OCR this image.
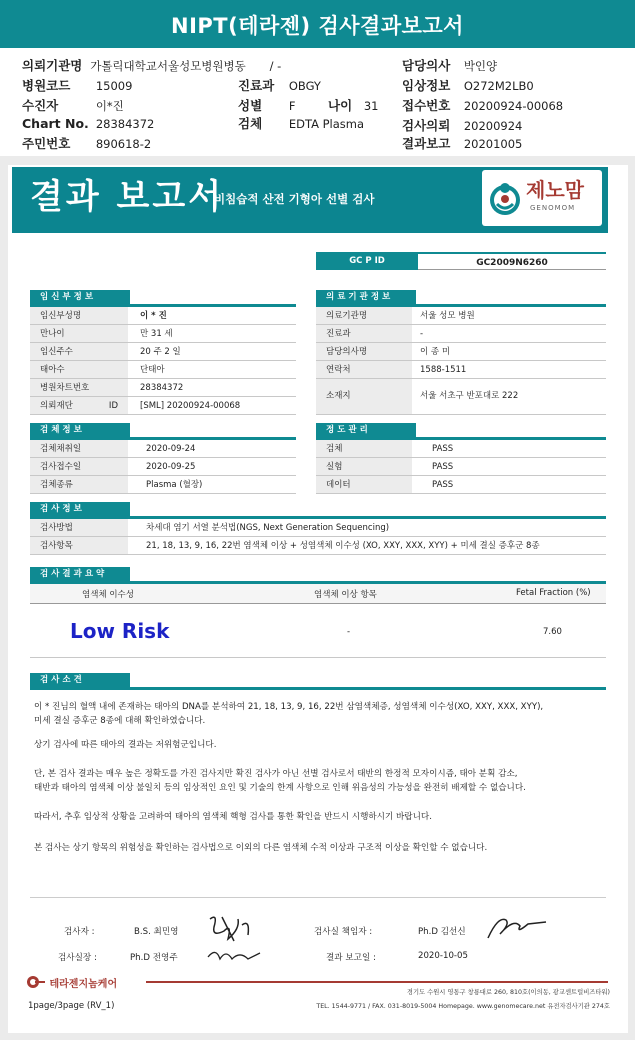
NIPT(테라젠) 검사결과보고서
의뢰기관명 가톨릭대학교서울성모병원병동 / -
병원코드 15009	진료과 OBGY
수진자	이*진	성별 F	나이 31
Chart No. 28384372	검체 EDTA Plasma
주민번호 890618-2
담당의사 박인양
임상정보 O272M2LB0
접수번호 20200924-00068
검사의뢰 20200924
결과보고 20201005
결과 보고서
비침습적 산전 기형아 선별 검사	제노맘
GENOMOM
GC P ID	GC2009N6260
임신부정보
임신부성명	이 * 진
만나이	만 31 세
임신주수	20 주 2 일
태아수	단태아
병원차트번호	28384372
의뢰재단 ID	[SML] 20200924-00068
의료기관정보
의료기관명	서울 성모 병원
진료과	-
담당의사명	이 종 미
연락처	1588-1511
소재지	서울 서초구 반포대로 222
검체정보
검체채취일	2020-09-24
검사접수일	2020-09-25
검체종류	Plasma (혈장)
정도관리
검체	PASS
실험	PASS
데이터	PASS
검사정보
검사방법	차세대 염기 서열 분석법(NGS, Next Generation Sequencing)
검사항목	21, 18, 13, 9, 16, 22번 염색체 이상 + 성염색체 이수성 (XO, XXY, XXX, XYY) + 미세 결실 증후군 8종
검사결과요약
염색체 이수성	염색체 이상 항목	Fetal Fraction (%)
Low Risk	-	7.60
검사소견
이 * 진님의 혈액 내에 존재하는 태아의 DNA를 분석하여 21, 18, 13, 9, 16, 22번 삼염색체증, 성염색체 이수성(XO, XXY, XXX, XYY),
미세 결실 증후군 8종에 대해 확인하였습니다.
상기 검사에 따른 태아의 결과는 저위험군입니다.
단, 본 검사 결과는 매우 높은 정확도를 가진 검사지만 확진 검사가 아닌 선별 검사로서 태반의 한정적 모자이시즘, 태아 분획 감소,
태반과 태아의 염색체 이상 불일치 등의 임상적인 요인 및 기술의 한계 사항으로 인해 위음성의 가능성을 완전히 배제할 수 없습니다.
따라서, 추후 임상적 상황을 고려하여 태아의 염색체 핵형 검사를 통한 확인을 반드시 시행하시기 바랍니다.
본 검사는 상기 항목의 위험성을 확인하는 검사법으로 이외의 다른 염색체 수적 이상과 구조적 이상을 확인할 수 없습니다.
검사자 :	B.S. 최민영
검사실장 :	Ph.D 전영주
검사실 책임자 :	Ph.D 김선신
결과 보고일 :	2020-10-05
테라젠지놈케어
경기도 수원시 영통구 창룡대로 260, 810호(이의동, 광교센트럴비즈타워)
TEL. 1544-9771 / FAX. 031-8019-5004 Homepage. www.genomecare.net 유전자검사기관 274호
1page/3page (RV_1)
